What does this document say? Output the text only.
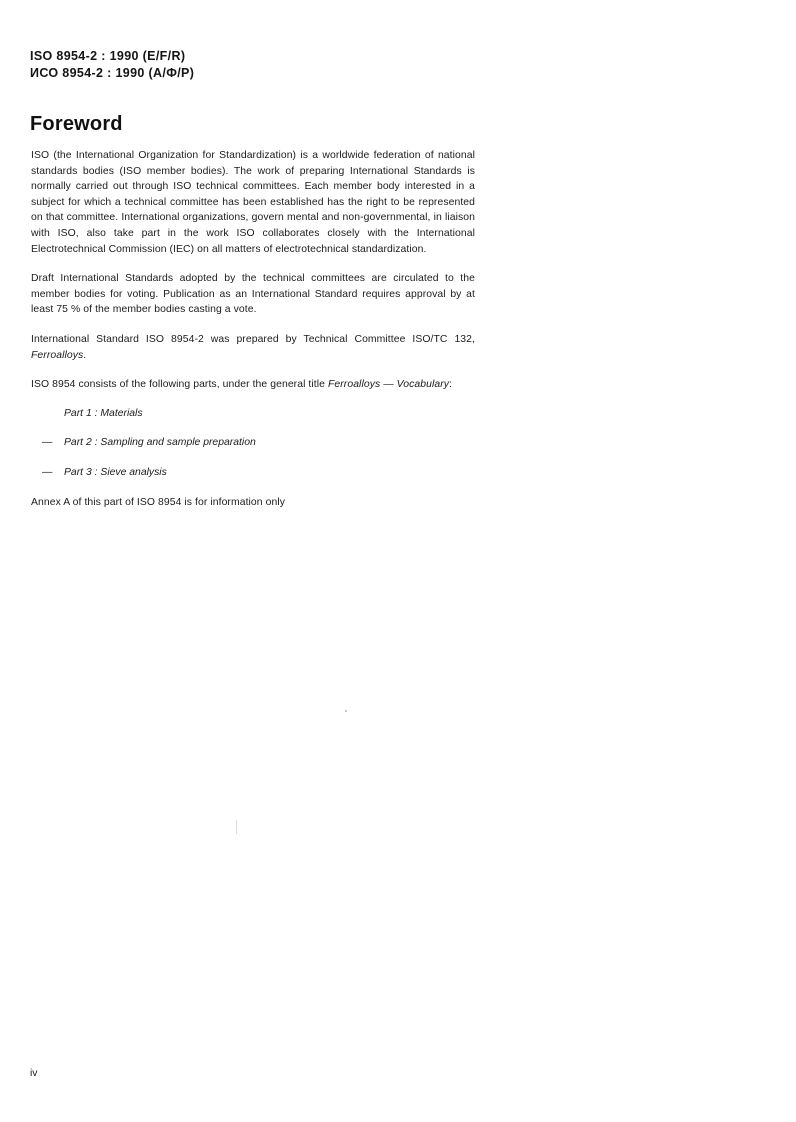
ISO 8954-2 : 1990 (E/F/R)
ИСО 8954-2 : 1990 (А/Ф/Р)
Foreword

ISO (the International Organization for Standardization) is a worldwide federation of national standards bodies (ISO member bodies). The work of preparing International Standards is normally carried out through ISO technical committees. Each member body interested in a subject for which a technical committee has been established has the right to be represented on that committee. International organizations, govern mental and non-governmental, in liaison with ISO, also take part in the work ISO collaborates closely with the International Electrotechnical Commission (IEC) on all matters of electrotechnical standardization.

Draft International Standards adopted by the technical committees are circulated to the member bodies for voting. Publication as an International Standard requires approval by at least 75 % of the member bodies casting a vote.

International Standard ISO 8954-2 was prepared by Technical Committee ISO/TC 132, Ferroalloys.

ISO 8954 consists of the following parts, under the general title Ferroalloys — Vocabulary:

Part 1 : Materials
— Part 2 : Sampling and sample preparation
— Part 3 : Sieve analysis

Annex A of this part of ISO 8954 is for information only

iv
